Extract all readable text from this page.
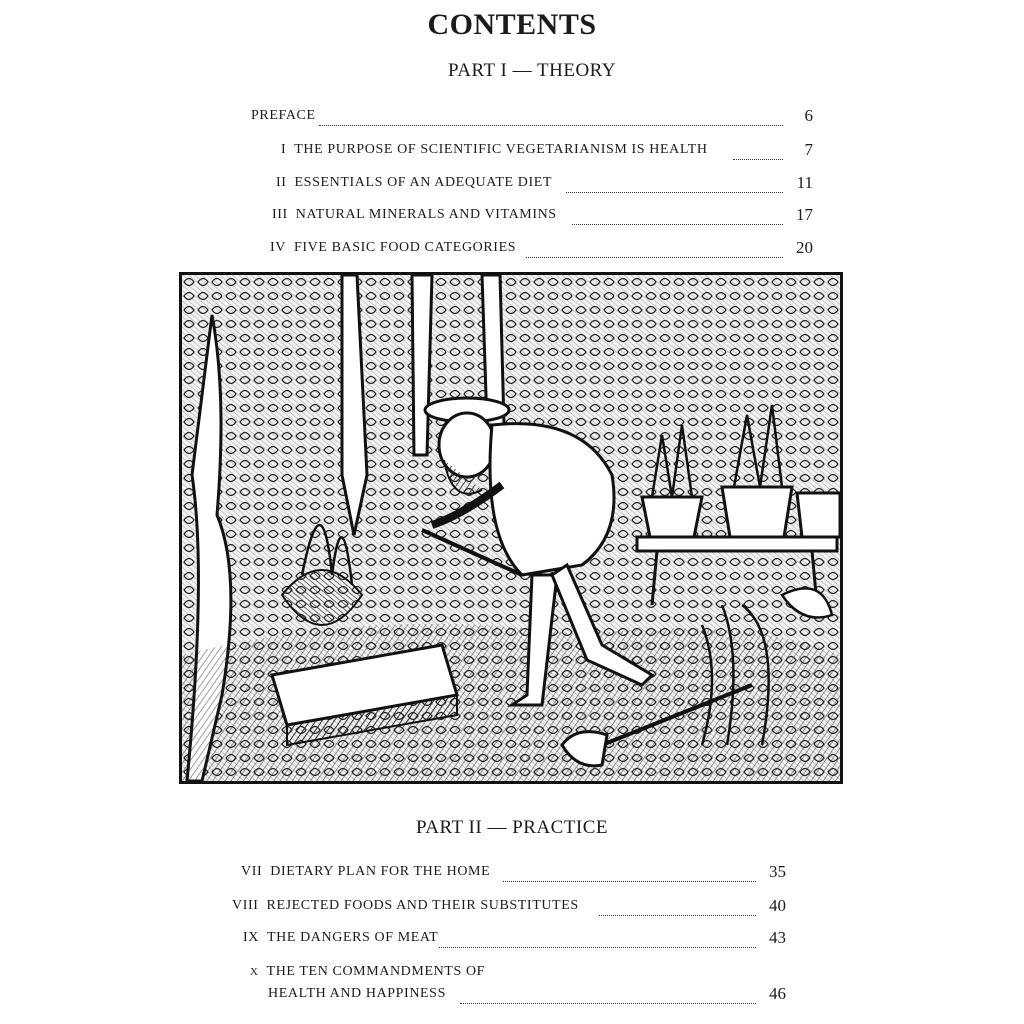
CONTENTS
PART I — THEORY
PREFACE	6
I THE PURPOSE OF SCIENTIFIC VEGETARIANISM IS HEALTH	7
II ESSENTIALS OF AN ADEQUATE DIET	11
III NATURAL MINERALS AND VITAMINS	17
IV FIVE BASIC FOOD CATEGORIES	20
PART II — PRACTICE
VII DIETARY PLAN FOR THE HOME	35
VIII REJECTED FOODS AND THEIR SUBSTITUTES	40
IX THE DANGERS OF MEAT	43
X THE TEN COMMANDMENTS OF
HEALTH AND HAPPINESS	46
